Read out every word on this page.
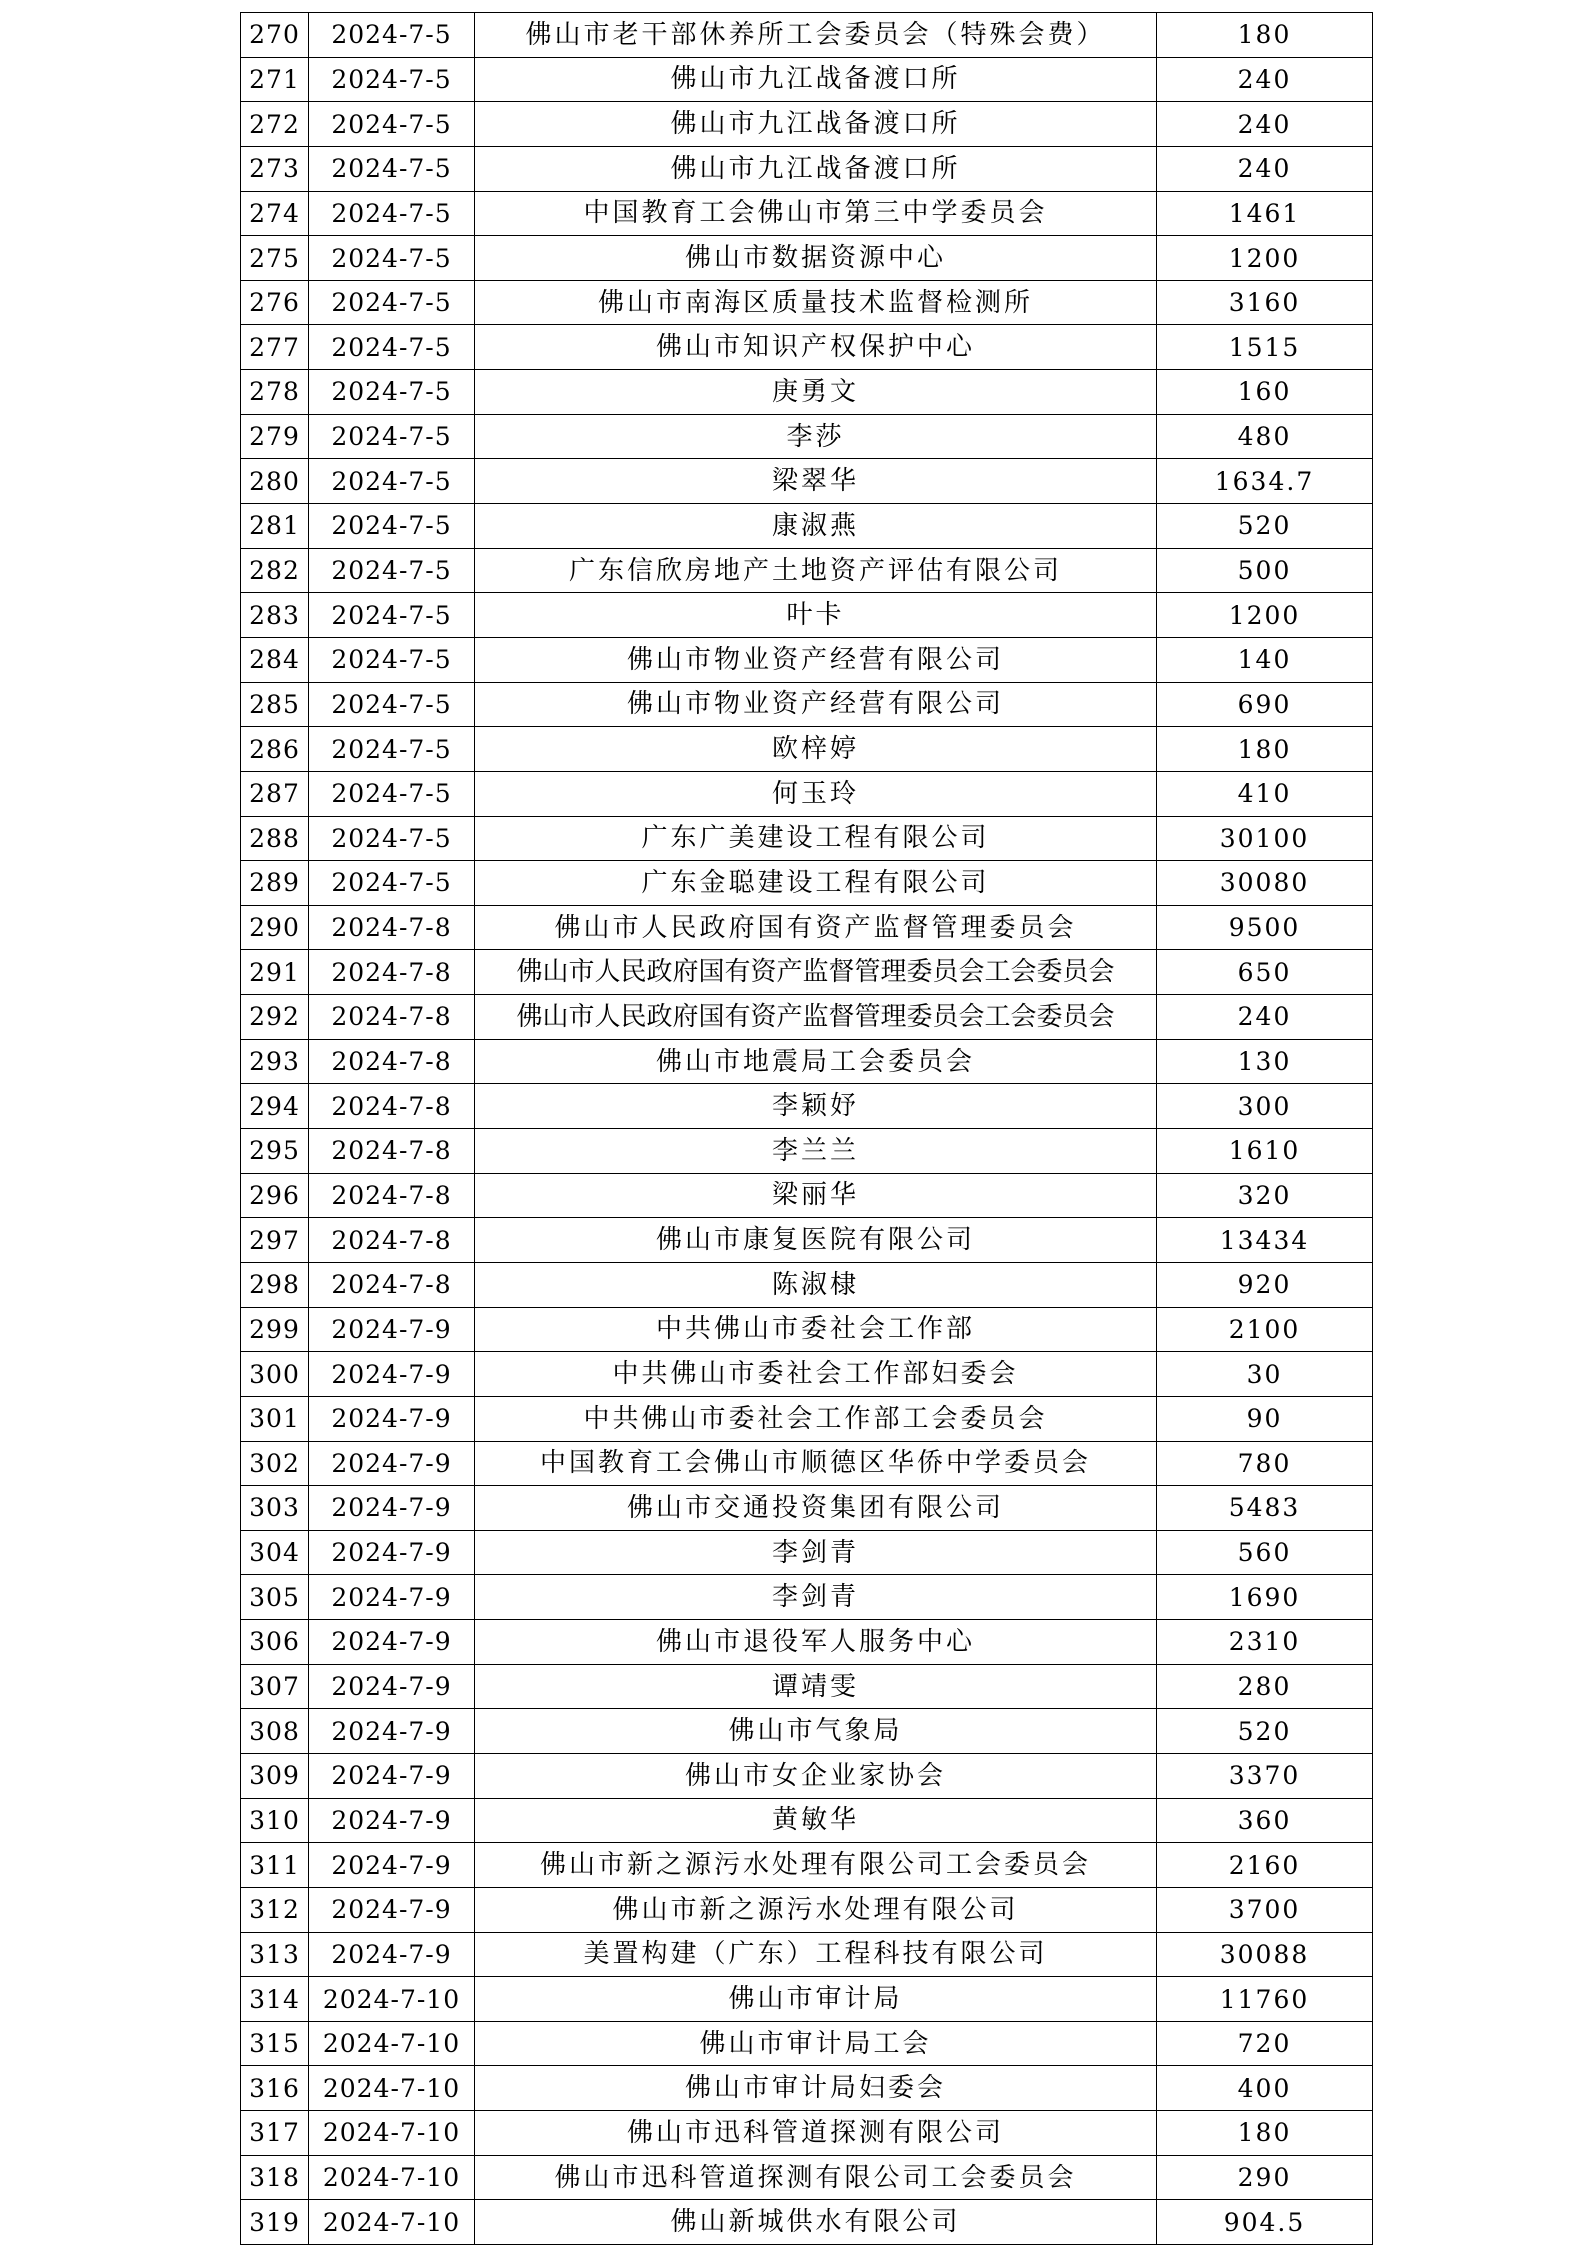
270	2024-7-5	佛山市老干部休养所工会委员会（特殊会费）	180
271	2024-7-5	佛山市九江战备渡口所	240
272	2024-7-5	佛山市九江战备渡口所	240
273	2024-7-5	佛山市九江战备渡口所	240
274	2024-7-5	中国教育工会佛山市第三中学委员会	1461
275	2024-7-5	佛山市数据资源中心	1200
276	2024-7-5	佛山市南海区质量技术监督检测所	3160
277	2024-7-5	佛山市知识产权保护中心	1515
278	2024-7-5	庚勇文	160
279	2024-7-5	李莎	480
280	2024-7-5	梁翠华	1634.7
281	2024-7-5	康淑燕	520
282	2024-7-5	广东信欣房地产土地资产评估有限公司	500
283	2024-7-5	叶卡	1200
284	2024-7-5	佛山市物业资产经营有限公司	140
285	2024-7-5	佛山市物业资产经营有限公司	690
286	2024-7-5	欧梓婷	180
287	2024-7-5	何玉玲	410
288	2024-7-5	广东广美建设工程有限公司	30100
289	2024-7-5	广东金聪建设工程有限公司	30080
290	2024-7-8	佛山市人民政府国有资产监督管理委员会	9500
291	2024-7-8	佛山市人民政府国有资产监督管理委员会工会委员会	650
292	2024-7-8	佛山市人民政府国有资产监督管理委员会工会委员会	240
293	2024-7-8	佛山市地震局工会委员会	130
294	2024-7-8	李颖妤	300
295	2024-7-8	李兰兰	1610
296	2024-7-8	梁丽华	320
297	2024-7-8	佛山市康复医院有限公司	13434
298	2024-7-8	陈淑棣	920
299	2024-7-9	中共佛山市委社会工作部	2100
300	2024-7-9	中共佛山市委社会工作部妇委会	30
301	2024-7-9	中共佛山市委社会工作部工会委员会	90
302	2024-7-9	中国教育工会佛山市顺德区华侨中学委员会	780
303	2024-7-9	佛山市交通投资集团有限公司	5483
304	2024-7-9	李剑青	560
305	2024-7-9	李剑青	1690
306	2024-7-9	佛山市退役军人服务中心	2310
307	2024-7-9	谭靖雯	280
308	2024-7-9	佛山市气象局	520
309	2024-7-9	佛山市女企业家协会	3370
310	2024-7-9	黄敏华	360
311	2024-7-9	佛山市新之源污水处理有限公司工会委员会	2160
312	2024-7-9	佛山市新之源污水处理有限公司	3700
313	2024-7-9	美置构建（广东）工程科技有限公司	30088
314	2024-7-10	佛山市审计局	11760
315	2024-7-10	佛山市审计局工会	720
316	2024-7-10	佛山市审计局妇委会	400
317	2024-7-10	佛山市迅科管道探测有限公司	180
318	2024-7-10	佛山市迅科管道探测有限公司工会委员会	290
319	2024-7-10	佛山新城供水有限公司	904.5
